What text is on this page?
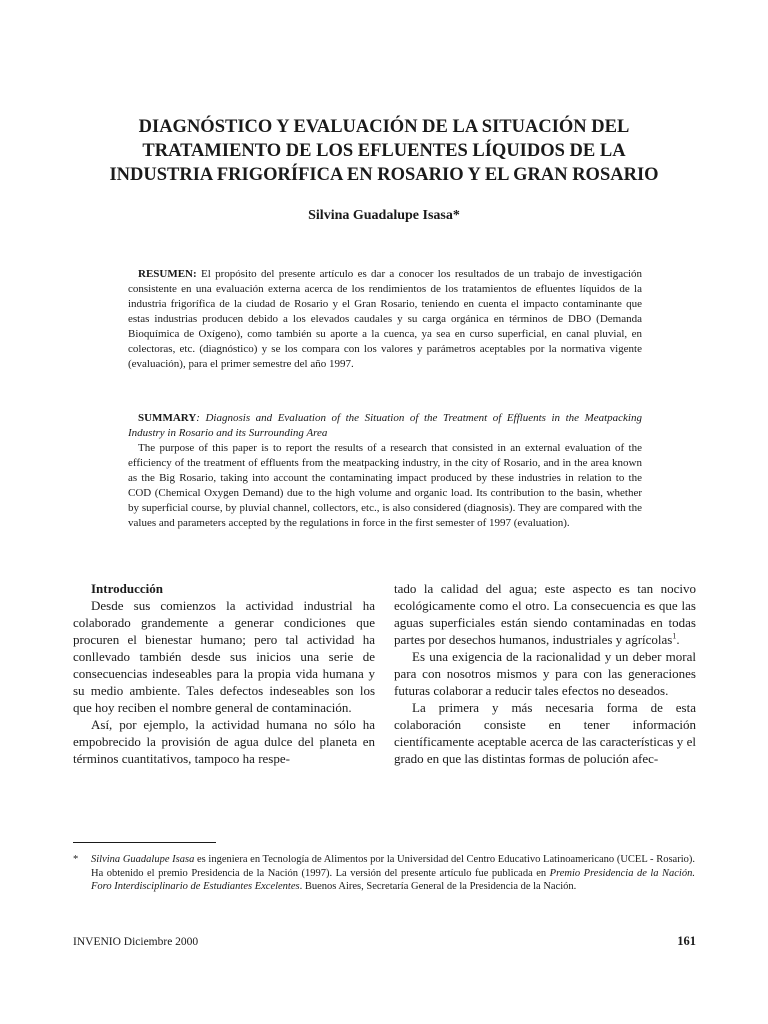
DIAGNÓSTICO Y EVALUACIÓN DE LA SITUACIÓN DEL
TRATAMIENTO DE LOS EFLUENTES LÍQUIDOS DE LA
INDUSTRIA FRIGORÍFICA EN ROSARIO Y EL GRAN ROSARIO

Silvina Guadalupe Isasa*

RESUMEN: El propósito del presente artículo es dar a conocer los resultados de un trabajo de investigación consistente en una evaluación externa acerca de los rendimientos de los tratamientos de efluentes líquidos de la industria frigorífica de la ciudad de Rosario y el Gran Rosario, teniendo en cuenta el impacto contaminante que estas industrias producen debido a los elevados caudales y su carga orgánica en términos de DBO (Demanda Bioquímica de Oxígeno), como también su aporte a la cuenca, ya sea en curso superficial, en canal pluvial, en colectoras, etc. (diagnóstico) y se los compara con los valores y parámetros aceptables por la normativa vigente (evaluación), para el primer semestre del año 1997.

SUMMARY: Diagnosis and Evaluation of the Situation of the Treatment of Effluents in the Meatpacking Industry in Rosario and its Surrounding Area
The purpose of this paper is to report the results of a research that consisted in an external evaluation of the efficiency of the treatment of effluents from the meatpacking industry, in the city of Rosario, and in the area known as the Big Rosario, taking into account the contaminating impact produced by these industries in relation to the COD (Chemical Oxygen Demand) due to the high volume and organic load. Its contribution to the basin, whether by superficial course, by pluvial channel, collectors, etc., is also considered (diagnosis). They are compared with the values and parameters accepted by the regulations in force in the first semester of 1997 (evaluation).

Introducción

Desde sus comienzos la actividad industrial ha colaborado grandemente a generar condiciones que procuren el bienestar humano; pero tal actividad ha conllevado también desde sus inicios una serie de consecuencias indeseables para la propia vida humana y su medio ambiente. Tales defectos indeseables son los que hoy reciben el nombre general de contaminación.

Así, por ejemplo, la actividad humana no sólo ha empobrecido la provisión de agua dulce del planeta en términos cuantitativos, tampoco ha respe-

tado la calidad del agua; este aspecto es tan nocivo ecológicamente como el otro. La consecuencia es que las aguas superficiales están siendo contaminadas en todas partes por desechos humanos, industriales y agrícolas$^1$.

Es una exigencia de la racionalidad y un deber moral para con nosotros mismos y para con las generaciones futuras colaborar a reducir tales efectos no deseados.

La primera y más necesaria forma de esta colaboración consiste en tener información científicamente aceptable acerca de las características y el grado en que las distintas formas de polución afec-

* Silvina Guadalupe Isasa es ingeniera en Tecnología de Alimentos por la Universidad del Centro Educativo Latinoamericano (UCEL - Rosario). Ha obtenido el premio Presidencia de la Nación (1997). La versión del presente artículo fue publicada en Premio Presidencia de la Nación. Foro Interdisciplinario de Estudiantes Excelentes. Buenos Aires, Secretaría General de la Presidencia de la Nación.
INVENIO Diciembre 2000	161
